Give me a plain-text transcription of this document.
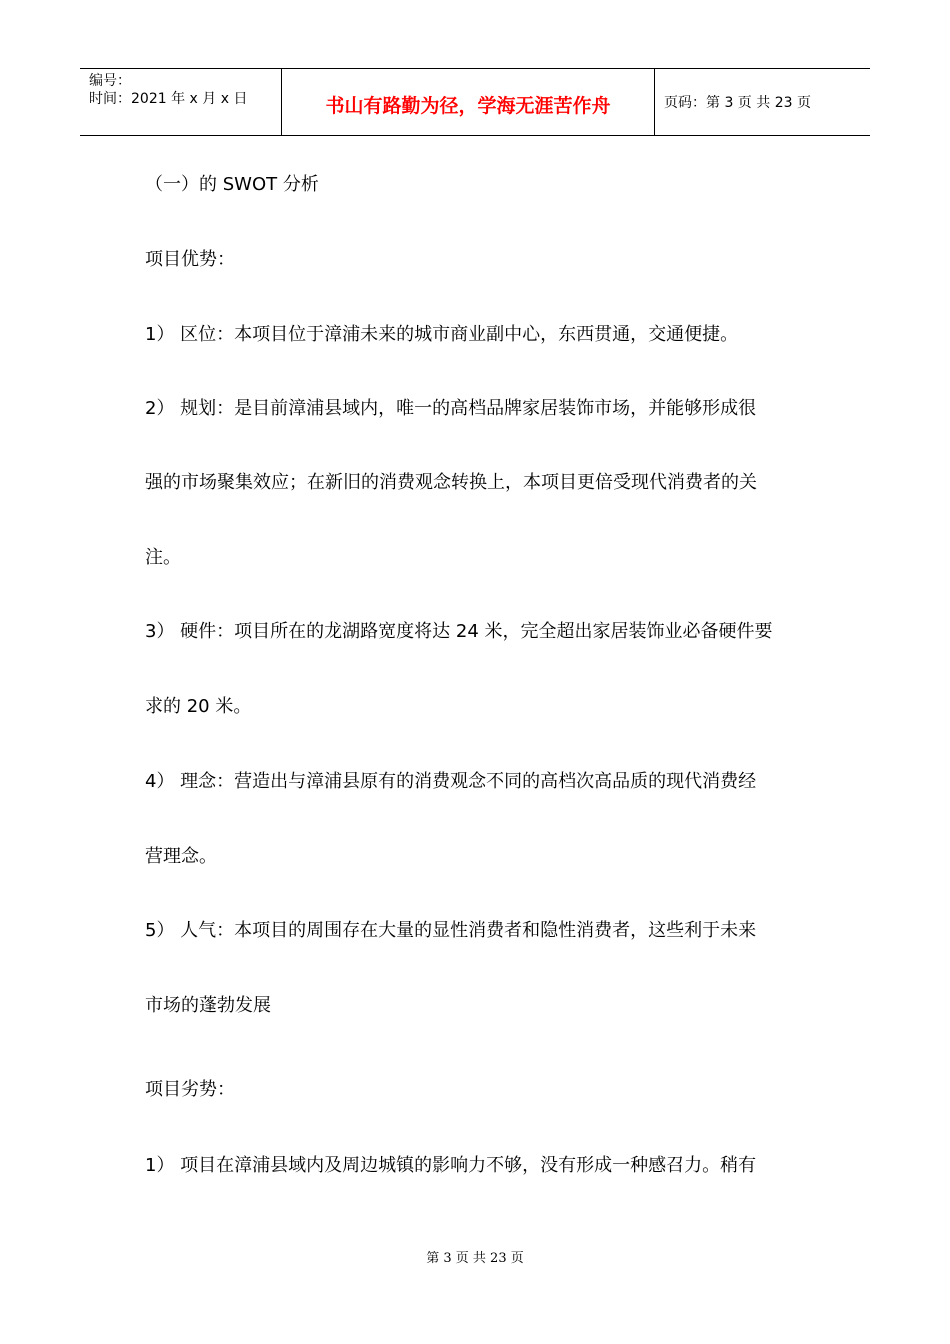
编号：
时间：2021 年 x 月 x 日	书山有路勤为径，学海无涯苦作舟	页码：第 3 页 共 23 页
（一）的 SWOT 分析
项目优势：
1） 区位：本项目位于漳浦未来的城市商业副中心，东西贯通，交通便捷。
2） 规划：是目前漳浦县域内，唯一的高档品牌家居装饰市场，并能够形成很
强的市场聚集效应；在新旧的消费观念转换上，本项目更倍受现代消费者的关
注。
3） 硬件：项目所在的龙湖路宽度将达 24 米，完全超出家居装饰业必备硬件要
求的 20 米。
4） 理念：营造出与漳浦县原有的消费观念不同的高档次高品质的现代消费经
营理念。
5） 人气：本项目的周围存在大量的显性消费者和隐性消费者，这些利于未来
市场的蓬勃发展
项目劣势：
1） 项目在漳浦县域内及周边城镇的影响力不够，没有形成一种感召力。稍有
第 3 页 共 23 页
